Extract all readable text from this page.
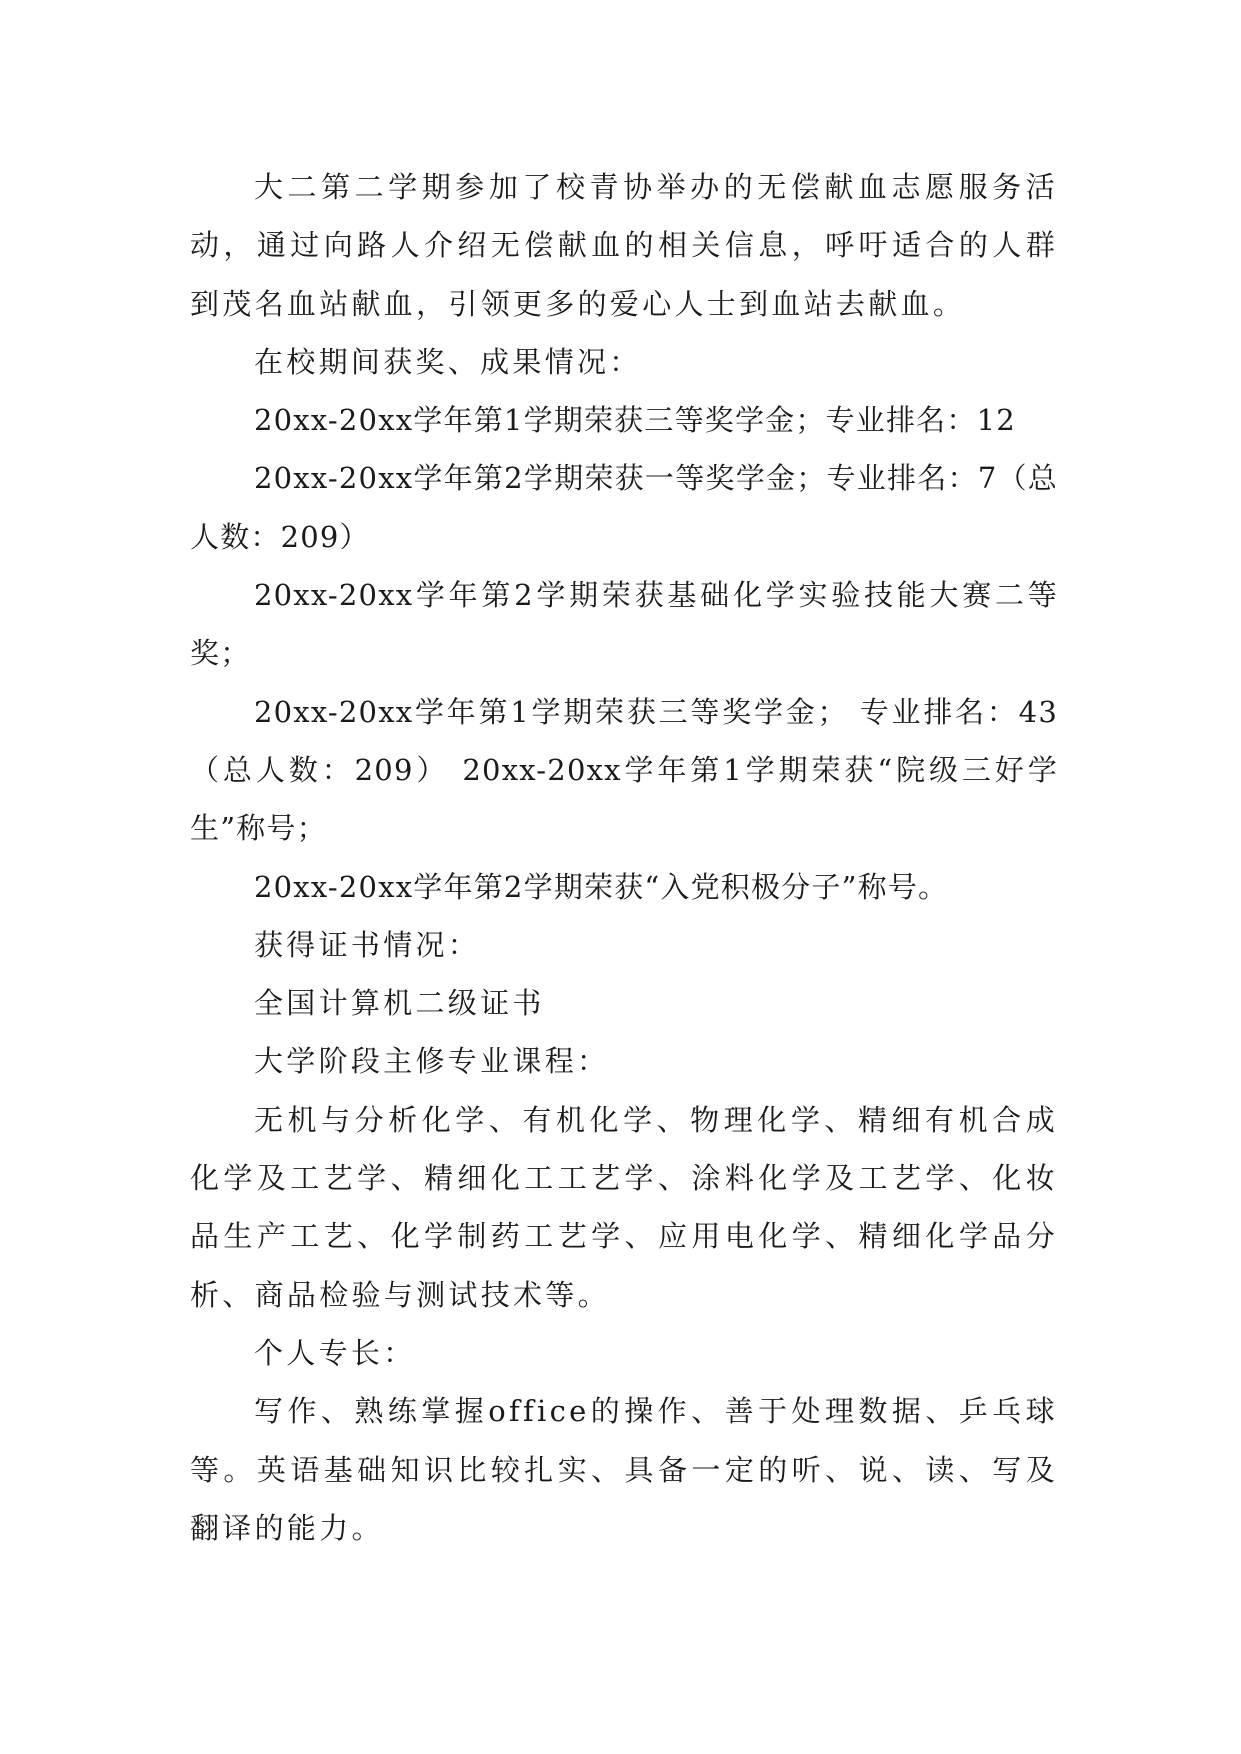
大二第二学期参加了校青协举办的无偿献血志愿服务活动，通过向路人介绍无偿献血的相关信息，呼吁适合的人群到茂名血站献血，引领更多的爱心人士到血站去献血。

在校期间获奖、成果情况：

20xx-20xx学年第1学期荣获三等奖学金；专业排名：12

20xx-20xx学年第2学期荣获一等奖学金；专业排名：7（总人数：209）

20xx-20xx学年第2学期荣获基础化学实验技能大赛二等奖；

20xx-20xx学年第1学期荣获三等奖学金； 专业排名：43 （总人数：209） 20xx-20xx学年第1学期荣获“院级三好学生”称号；

20xx-20xx学年第2学期荣获“入党积极分子”称号。

获得证书情况：

全国计算机二级证书

大学阶段主修专业课程：

无机与分析化学、有机化学、物理化学、精细有机合成化学及工艺学、精细化工工艺学、涂料化学及工艺学、化妆品生产工艺、化学制药工艺学、应用电化学、精细化学品分析、商品检验与测试技术等。

个人专长：

写作、熟练掌握office的操作、善于处理数据、乒乓球等。英语基础知识比较扎实、具备一定的听、说、读、写及翻译的能力。
